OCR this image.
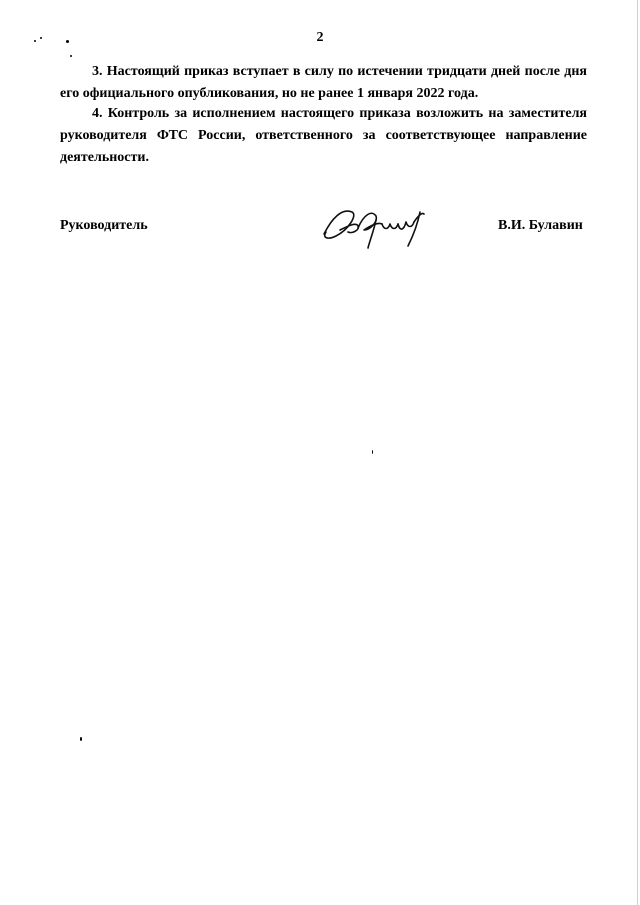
2

3. Настоящий приказ вступает в силу по истечении тридцати дней после дня его официального опубликования, но не ранее 1 января 2022 года.

4. Контроль за исполнением настоящего приказа возложить на заместителя руководителя ФТС России, ответственного за соответствующее направление деятельности.

Руководитель	В.И. Булавин
